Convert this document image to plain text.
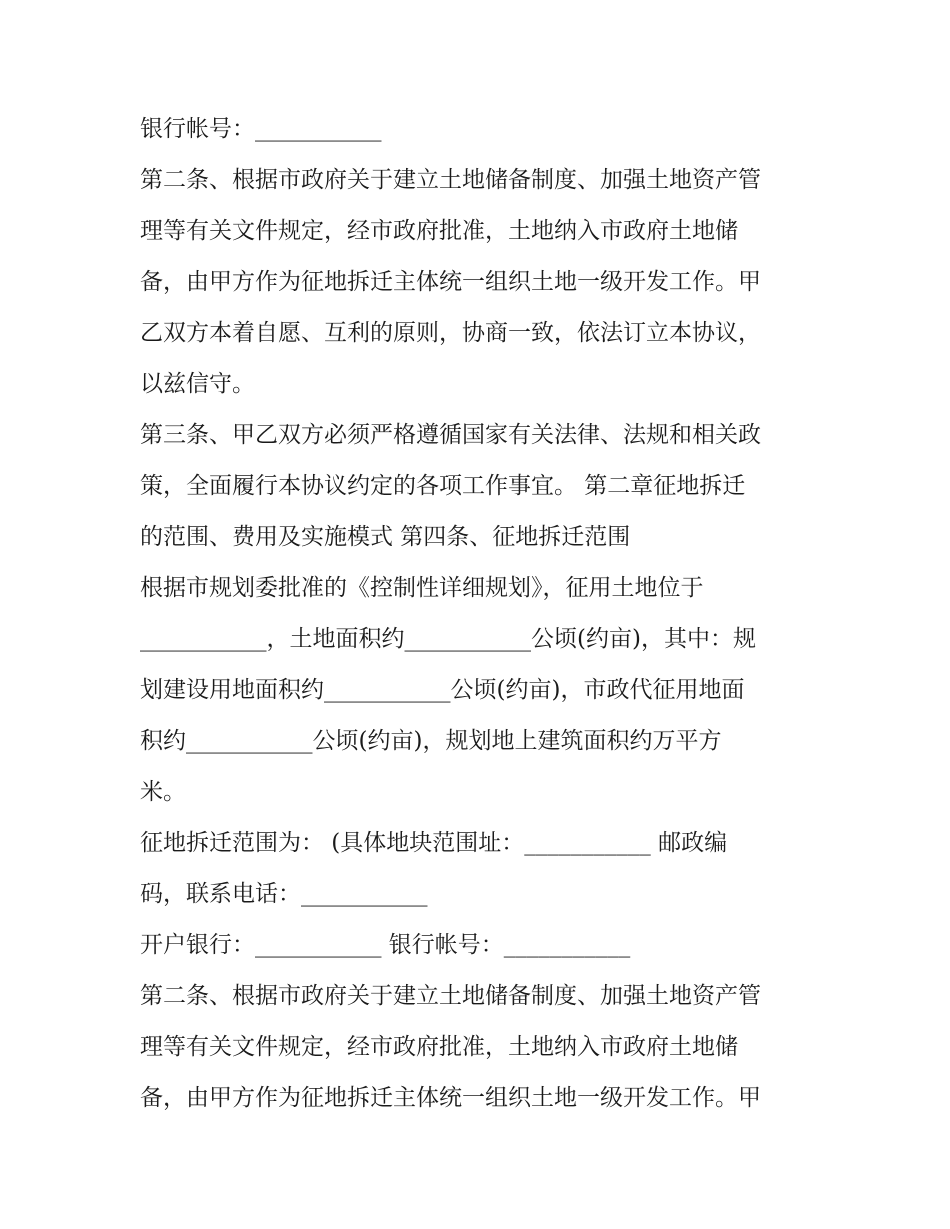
银行帐号：___________
第二条、根据市政府关于建立土地储备制度、加强土地资产管
理等有关文件规定，经市政府批准，土地纳入市政府土地储
备，由甲方作为征地拆迁主体统一组织土地一级开发工作。甲
乙双方本着自愿、互利的原则，协商一致，依法订立本协议，
以兹信守。
第三条、甲乙双方必须严格遵循国家有关法律、法规和相关政
策，全面履行本协议约定的各项工作事宜。 第二章征地拆迁
的范围、费用及实施模式 第四条、征地拆迁范围
根据市规划委批准的《控制性详细规划》，征用土地位于
___________，土地面积约___________公顷(约亩)，其中：规
划建设用地面积约___________公顷(约亩)，市政代征用地面
积约___________公顷(约亩)，规划地上建筑面积约万平方
米。
征地拆迁范围为： (具体地块范围址：___________ 邮政编
码，联系电话：___________
开户银行：___________ 银行帐号：___________
第二条、根据市政府关于建立土地储备制度、加强土地资产管
理等有关文件规定，经市政府批准，土地纳入市政府土地储
备，由甲方作为征地拆迁主体统一组织土地一级开发工作。甲
